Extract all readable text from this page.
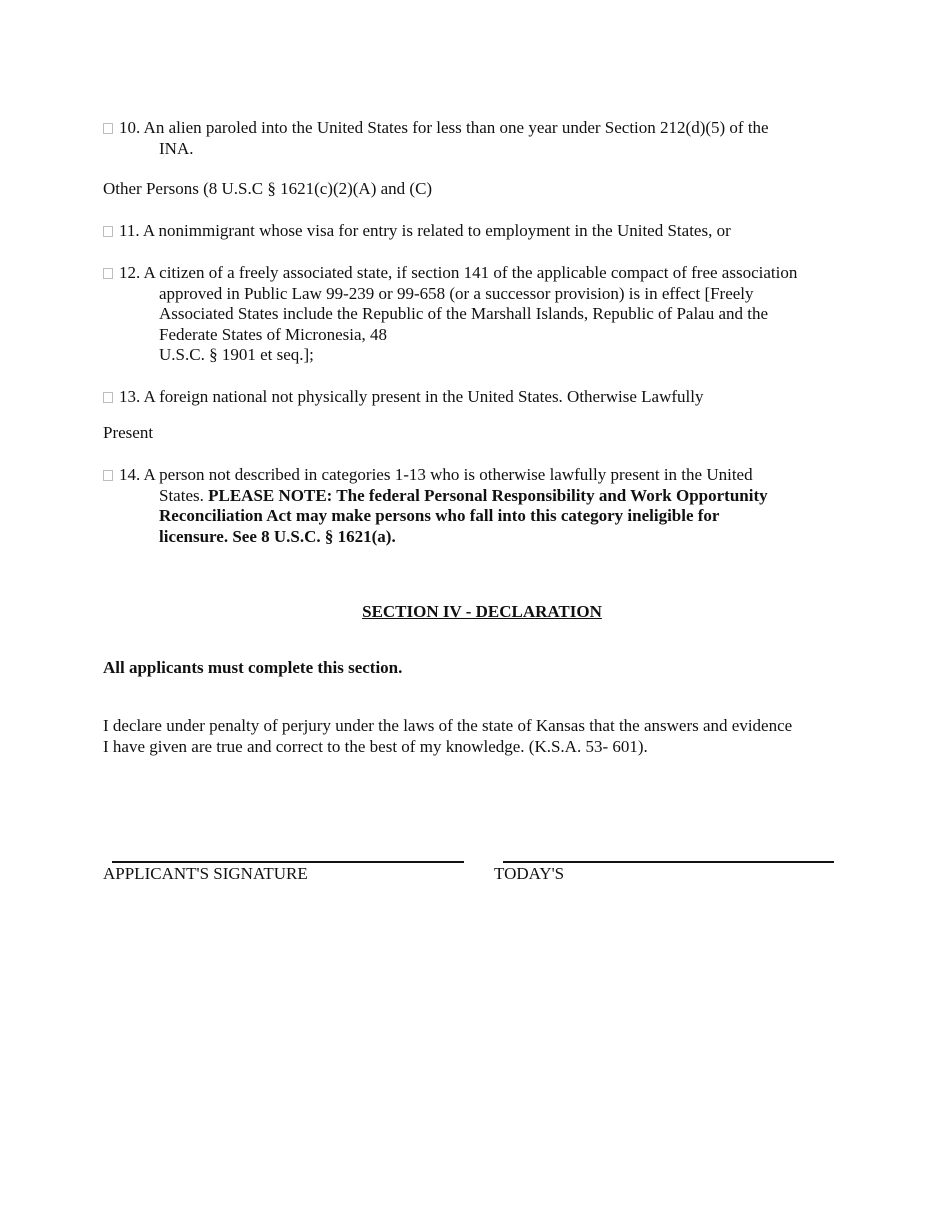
10. An alien paroled into the United States for less than one year under Section 212(d)(5) of the
INA.
Other Persons (8 U.S.C § 1621(c)(2)(A) and (C)
11. A nonimmigrant whose visa for entry is related to employment in the United States, or
12. A citizen of a freely associated state, if section 141 of the applicable compact of free association
approved in Public Law 99-239 or 99-658 (or a successor provision) is in effect [Freely
Associated States include the Republic of the Marshall Islands, Republic of Palau and the
Federate States of Micronesia, 48
U.S.C. § 1901 et seq.];
13. A foreign national not physically present in the United States. Otherwise Lawfully
Present
14. A person not described in categories 1-13 who is otherwise lawfully present in the United
States. PLEASE NOTE: The federal Personal Responsibility and Work Opportunity
Reconciliation Act may make persons who fall into this category ineligible for
licensure. See 8 U.S.C. § 1621(a).
SECTION IV - DECLARATION
All applicants must complete this section.
I declare under penalty of perjury under the laws of the state of Kansas that the answers and evidence
I have given are true and correct to the best of my knowledge. (K.S.A. 53- 601).
APPLICANT'S SIGNATURE	TODAY'S
